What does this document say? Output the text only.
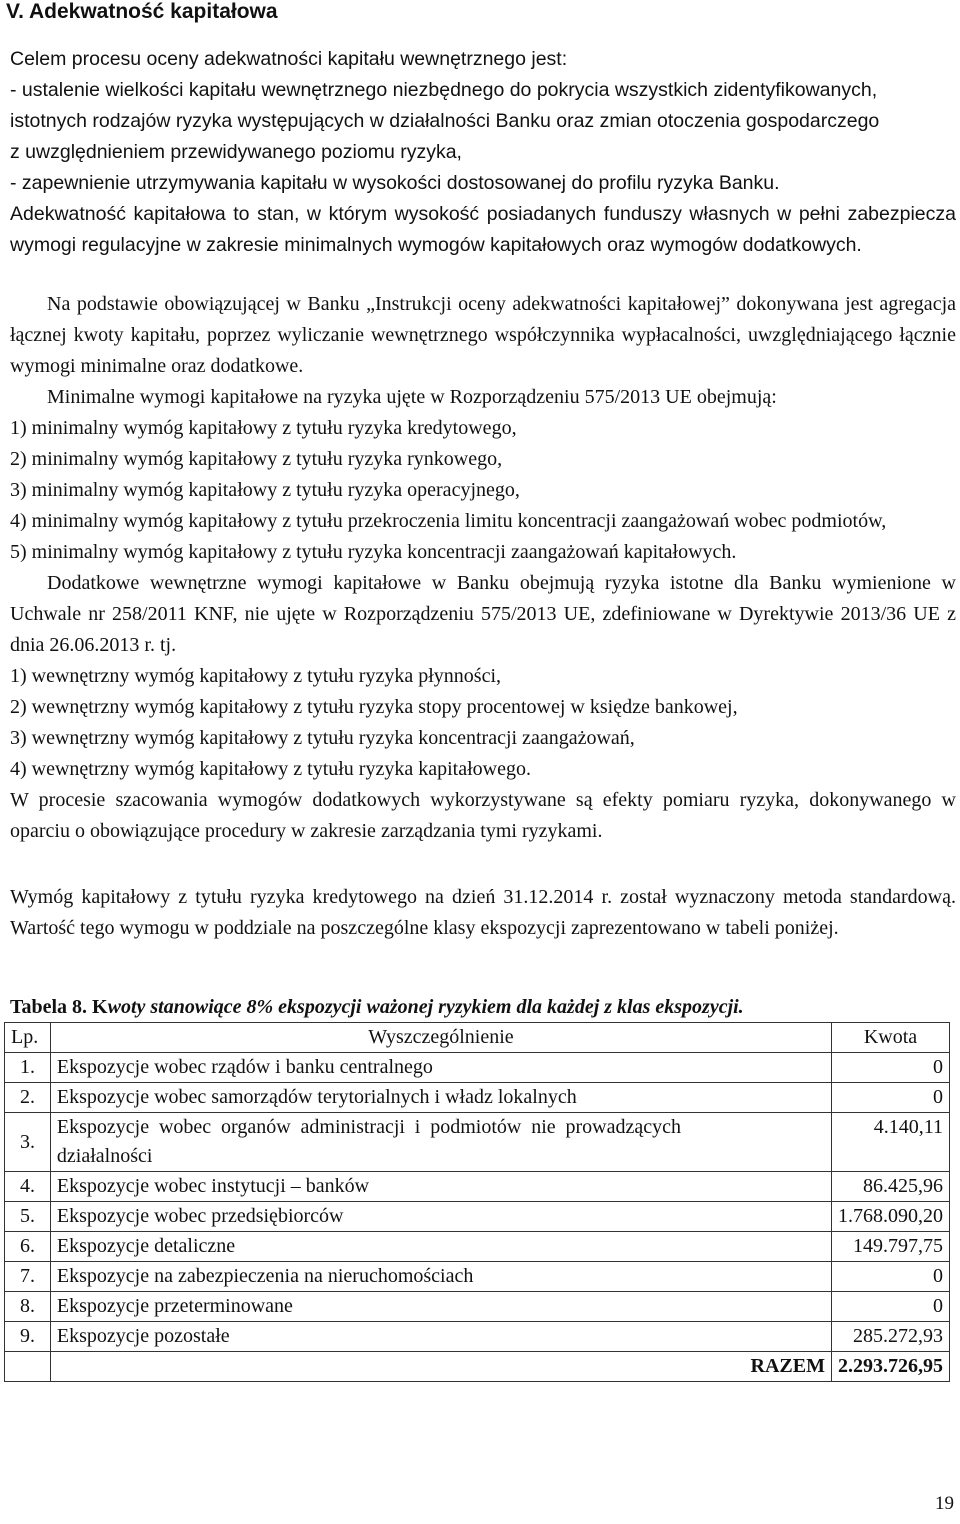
V. Adekwatność kapitałowa
Celem procesu oceny adekwatności kapitału wewnętrznego jest:
- ustalenie wielkości kapitału wewnętrznego niezbędnego do pokrycia wszystkich zidentyfikowanych,
istotnych rodzajów ryzyka występujących w działalności Banku oraz zmian otoczenia gospodarczego
z uwzględnieniem przewidywanego poziomu ryzyka,
- zapewnienie utrzymywania kapitału w wysokości dostosowanej do profilu ryzyka Banku.

Adekwatność kapitałowa to stan, w którym wysokość posiadanych funduszy własnych w pełni zabezpiecza wymogi regulacyjne w zakresie minimalnych wymogów kapitałowych oraz wymogów dodatkowych.

Na podstawie obowiązującej w Banku „Instrukcji oceny adekwatności kapitałowej” dokonywana jest agregacja łącznej kwoty kapitału, poprzez wyliczanie wewnętrznego współczynnika wypłacalności, uwzględniającego łącznie wymogi minimalne oraz dodatkowe.

Minimalne wymogi kapitałowe na ryzyka ujęte w Rozporządzeniu 575/2013 UE obejmują:

1) minimalny wymóg kapitałowy z tytułu ryzyka kredytowego,
2) minimalny wymóg kapitałowy z tytułu ryzyka rynkowego,
3) minimalny wymóg kapitałowy z tytułu ryzyka operacyjnego,

4) minimalny wymóg kapitałowy z tytułu przekroczenia limitu koncentracji zaangażowań wobec podmiotów,

5) minimalny wymóg kapitałowy z tytułu ryzyka koncentracji zaangażowań kapitałowych.

Dodatkowe wewnętrzne wymogi kapitałowe w Banku obejmują ryzyka istotne dla Banku wymienione w Uchwale nr 258/2011 KNF, nie ujęte w Rozporządzeniu 575/2013 UE, zdefiniowane w Dyrektywie 2013/36 UE z dnia 26.06.2013 r. tj.

1) wewnętrzny wymóg kapitałowy z tytułu ryzyka płynności,
2) wewnętrzny wymóg kapitałowy z tytułu ryzyka stopy procentowej w księdze bankowej,
3) wewnętrzny wymóg kapitałowy z tytułu ryzyka koncentracji zaangażowań,
4) wewnętrzny wymóg kapitałowy z tytułu ryzyka kapitałowego.

W procesie szacowania wymogów dodatkowych wykorzystywane są efekty pomiaru ryzyka, dokonywanego w oparciu o obowiązujące procedury w zakresie zarządzania tymi ryzykami.

Wymóg kapitałowy z tytułu ryzyka kredytowego na dzień 31.12.2014 r. został wyznaczony metoda standardową. Wartość tego wymogu w poddziale na poszczególne klasy ekspozycji zaprezentowano w tabeli poniżej.

Tabela 8. Kwoty stanowiące 8% ekspozycji ważonej ryzykiem dla każdej z klas ekspozycji.

Lp.	Wyszczególnienie	Kwota
1.	Ekspozycje wobec rządów i banku centralnego	0
2.	Ekspozycje wobec samorządów terytorialnych i władz lokalnych	0
3.	Ekspozycje wobec organów administracji i podmiotów nie prowadzących działalności	4.140,11
4.	Ekspozycje wobec instytucji – banków	86.425,96
5.	Ekspozycje wobec przedsiębiorców	1.768.090,20
6.	Ekspozycje detaliczne	149.797,75
7.	Ekspozycje na zabezpieczenia na nieruchomościach	0
8.	Ekspozycje przeterminowane	0
9.	Ekspozycje pozostałe	285.272,93
	RAZEM	2.293.726,95
19
